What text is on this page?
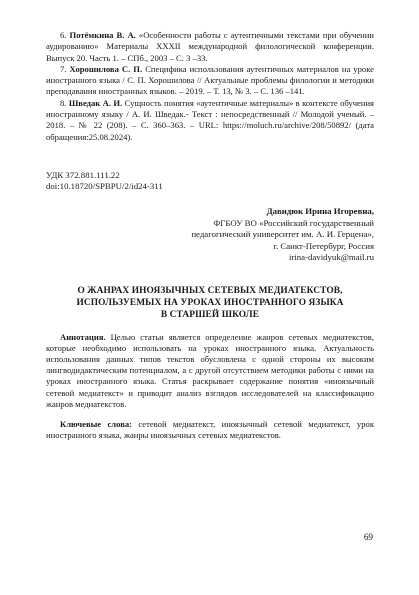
6. Потёмкина В. А. «Особенности работы с аутентичными текстами при обучении аудированию» Материалы XXXII международной филологической конференции. Выпуск 20. Часть 1. – СПб., 2003 – С. 3 –33.

7. Хорошилова С. П. Специфика использования аутентичных материалов на уроке иностранного языка / С. П. Хорошилова // Актуальные проблемы филологии и методики преподавания иностранных языков. – 2019. – Т. 13, № 3. – С. 136 –141.

8. Шведак А. И. Сущность понятия «аутентичные материалы» в контексте обучения иностранному языку / А. И. Шведак.- Текст : непосредственный // Молодой ученый. – 2018. – № 22 (208). – С. 360–363. – URL: https://moluch.ru/archive/208/50892/ (дата обращения:25.08.2024).

УДК 372.881.111.22
doi:10.18720/SPBPU/2/id24-311
Давидюк Ирина Игоревна,
ФГБОУ ВО «Российский государственный
педагогический университет им. А. И. Герцена»,
г. Санкт-Петербург, Россия
irina-davidyuk@mail.ru
О ЖАНРАХ ИНОЯЗЫЧНЫХ СЕТЕВЫХ МЕДИАТЕКСТОВ,
ИСПОЛЬЗУЕМЫХ НА УРОКАХ ИНОСТРАННОГО ЯЗЫКА
В СТАРШЕЙ ШКОЛЕ

Аннотация. Целью статьи является определение жанров сетевых медиатекстов, которые необходимо использовать на уроках иностранного языка. Актуальность использования данных типов текстов обусловлена с одной стороны их высоким лингводидактическим потенциалом, а с другой отсутствием методики работы с ними на уроках иностранного языка. Статья раскрывает содержание понятия «иноязычный сетевой медиатекст» и приводит анализ взглядов исследователей на классификацию жанров медиатекстов.

Ключевые слова: сетевой медиатекст, иноязычный сетевой медиатекст, урок иностранного языка, жанры иноязычных сетевых медиатекстов.

69
